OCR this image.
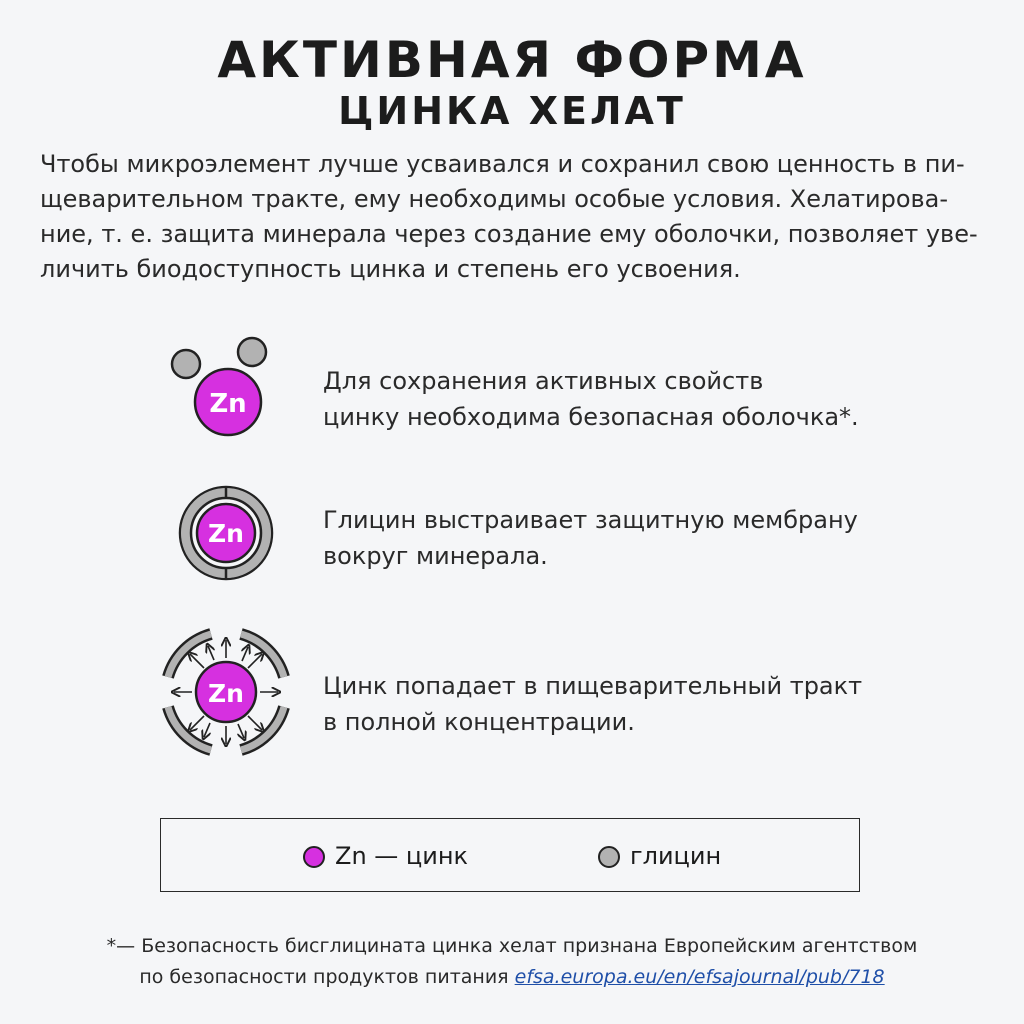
АКТИВНАЯ ФОРМА
ЦИНКА ХЕЛАТ

Чтобы микроэлемент лучше усваивался и сохранил свою ценность в пи-
щеварительном тракте, ему необходимы особые условия. Хелатирова-
ние, т. е. защита минерала через создание ему оболочки, позволяет уве-
личить биодоступность цинка и степень его усвоения.

Zn
Для сохранения активных свойств
цинку необходима безопасная оболочка*.
Zn	Глицин выстраивает защитную мембрану
вокруг минерала.
Zn	Цинк попадает в пищеварительный тракт
в полной концентрации.
Zn — цинк	глицин
*— Безопасность бисглицината цинка хелат признана Европейским агентством
по безопасности продуктов питания efsa.europa.eu/en/efsajournal/pub/718
